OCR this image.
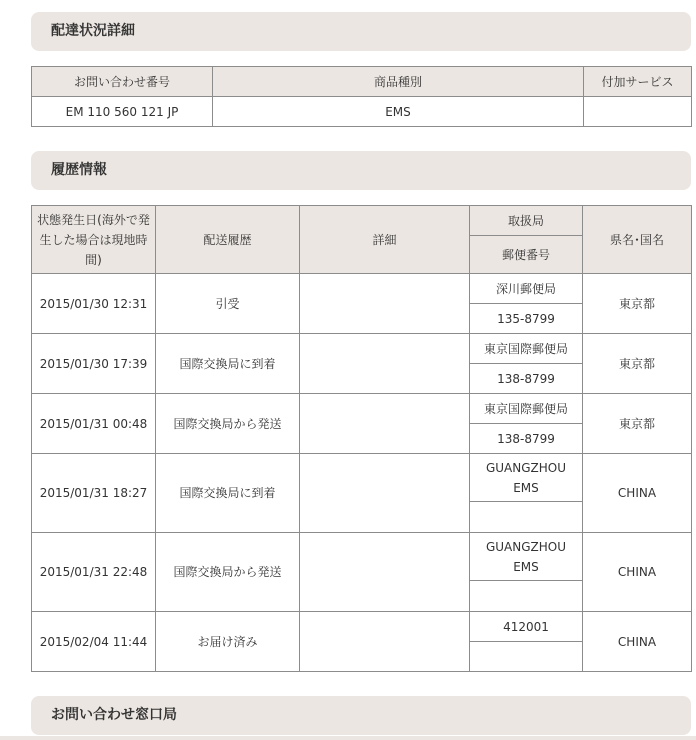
配達状況詳細
お問い合わせ番号	商品種別	付加サービス
EM 110 560 121 JP	EMS	
履歴情報
状態発生日(海外で発生した場合は現地時間)	配送履歴	詳細	取扱局	県名･国名
			郵便番号	
2015/01/30 12:31	引受		深川郵便局	東京都
			135-8799	
2015/01/30 17:39	国際交換局に到着		東京国際郵便局	東京都
			138-8799	
2015/01/31 00:48	国際交換局から発送		東京国際郵便局	東京都
			138-8799	
2015/01/31 18:27	国際交換局に到着		GUANGZHOU EMS	CHINA

2015/01/31 22:48	国際交換局から発送		GUANGZHOU EMS	CHINA

2015/02/04 11:44	お届け済み		412001	CHINA

お問い合わせ窓口局
